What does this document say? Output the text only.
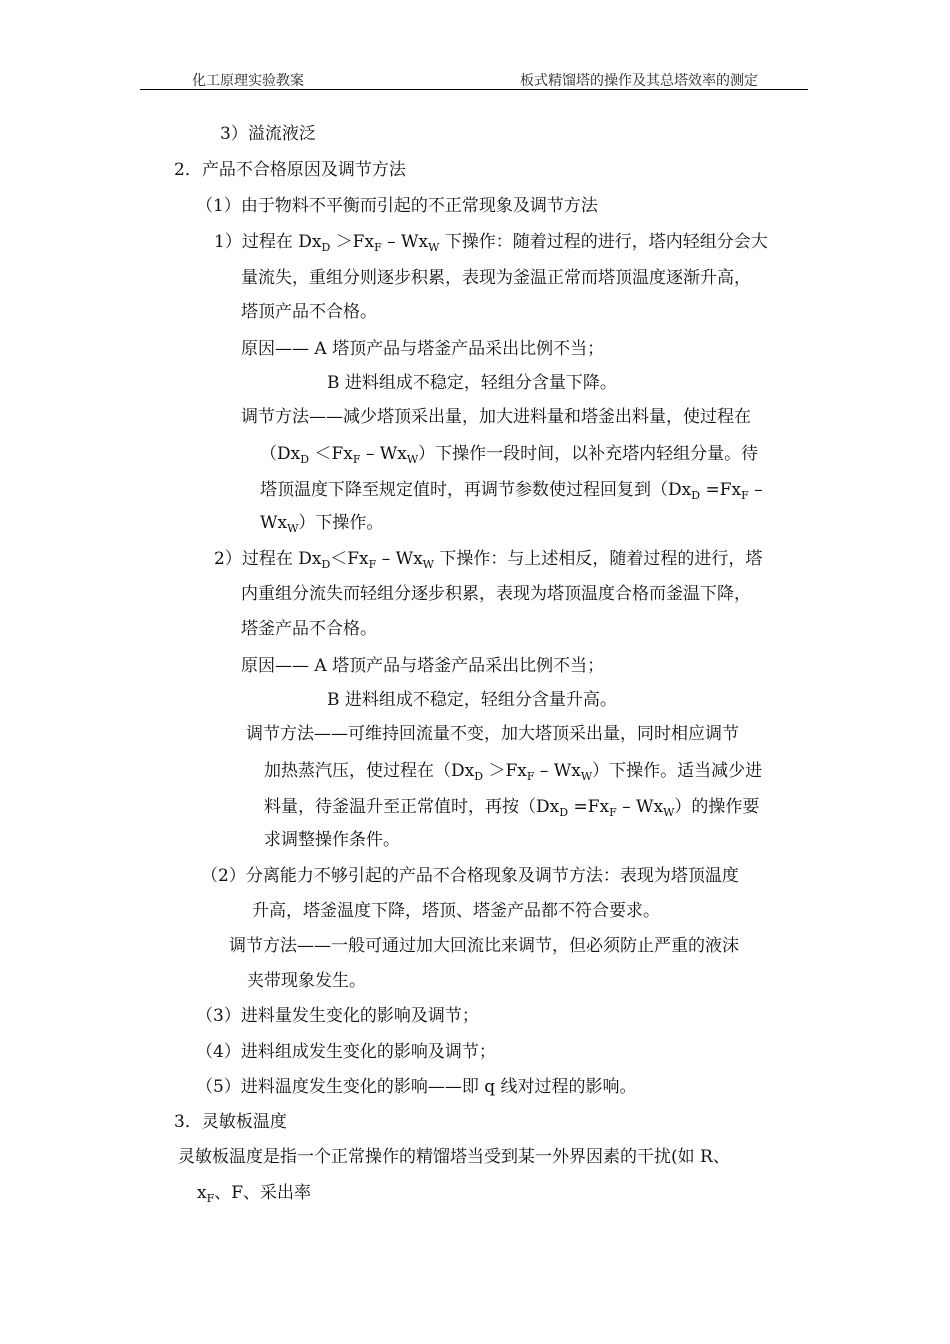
化工原理实验教案	板式精馏塔的操作及其总塔效率的测定
3）溢流液泛
2．产品不合格原因及调节方法
（1）由于物料不平衡而引起的不正常现象及调节方法
1）过程在 $Dx_D >Fx_F - Wx_W$ 下操作：随着过程的进行，塔内轻组分会大
量流失，重组分则逐步积累，表现为釜温正常而塔顶温度逐渐升高，
塔顶产品不合格。
原因—— A 塔顶产品与塔釜产品采出比例不当；
B 进料组成不稳定，轻组分含量下降。
调节方法——减少塔顶采出量，加大进料量和塔釜出料量，使过程在
$(Dx_D <Fx_F - Wx_W)$下操作一段时间，以补充塔内轻组分量。待
塔顶温度下降至规定值时，再调节参数使过程回复到（$Dx_D =Fx_F$ –
$Wx_W$）下操作。
2）过程在 $Dx_D<Fx_F - Wx_W$ 下操作：与上述相反，随着过程的进行，塔
内重组分流失而轻组分逐步积累，表现为塔顶温度合格而釜温下降，
塔釜产品不合格。
原因—— A 塔顶产品与塔釜产品采出比例不当；
B 进料组成不稳定，轻组分含量升高。
调节方法——可维持回流量不变，加大塔顶采出量，同时相应调节
加热蒸汽压，使过程在$(Dx_D >Fx_F - Wx_W)$下操作。适当减少进
料量，待釜温升至正常值时，再按$(Dx_D =Fx_F - Wx_W)$的操作要
求调整操作条件。
（2）分离能力不够引起的产品不合格现象及调节方法：表现为塔顶温度
升高，塔釜温度下降，塔顶、塔釜产品都不符合要求。
调节方法——一般可通过加大回流比来调节，但必须防止严重的液沫
夹带现象发生。
（3）进料量发生变化的影响及调节；
（4）进料组成发生变化的影响及调节；
（5）进料温度发生变化的影响——即 q 线对过程的影响。
3．灵敏板温度
灵敏板温度是指一个正常操作的精馏塔当受到某一外界因素的干扰(如 R、
$x_F$、F、采出率
